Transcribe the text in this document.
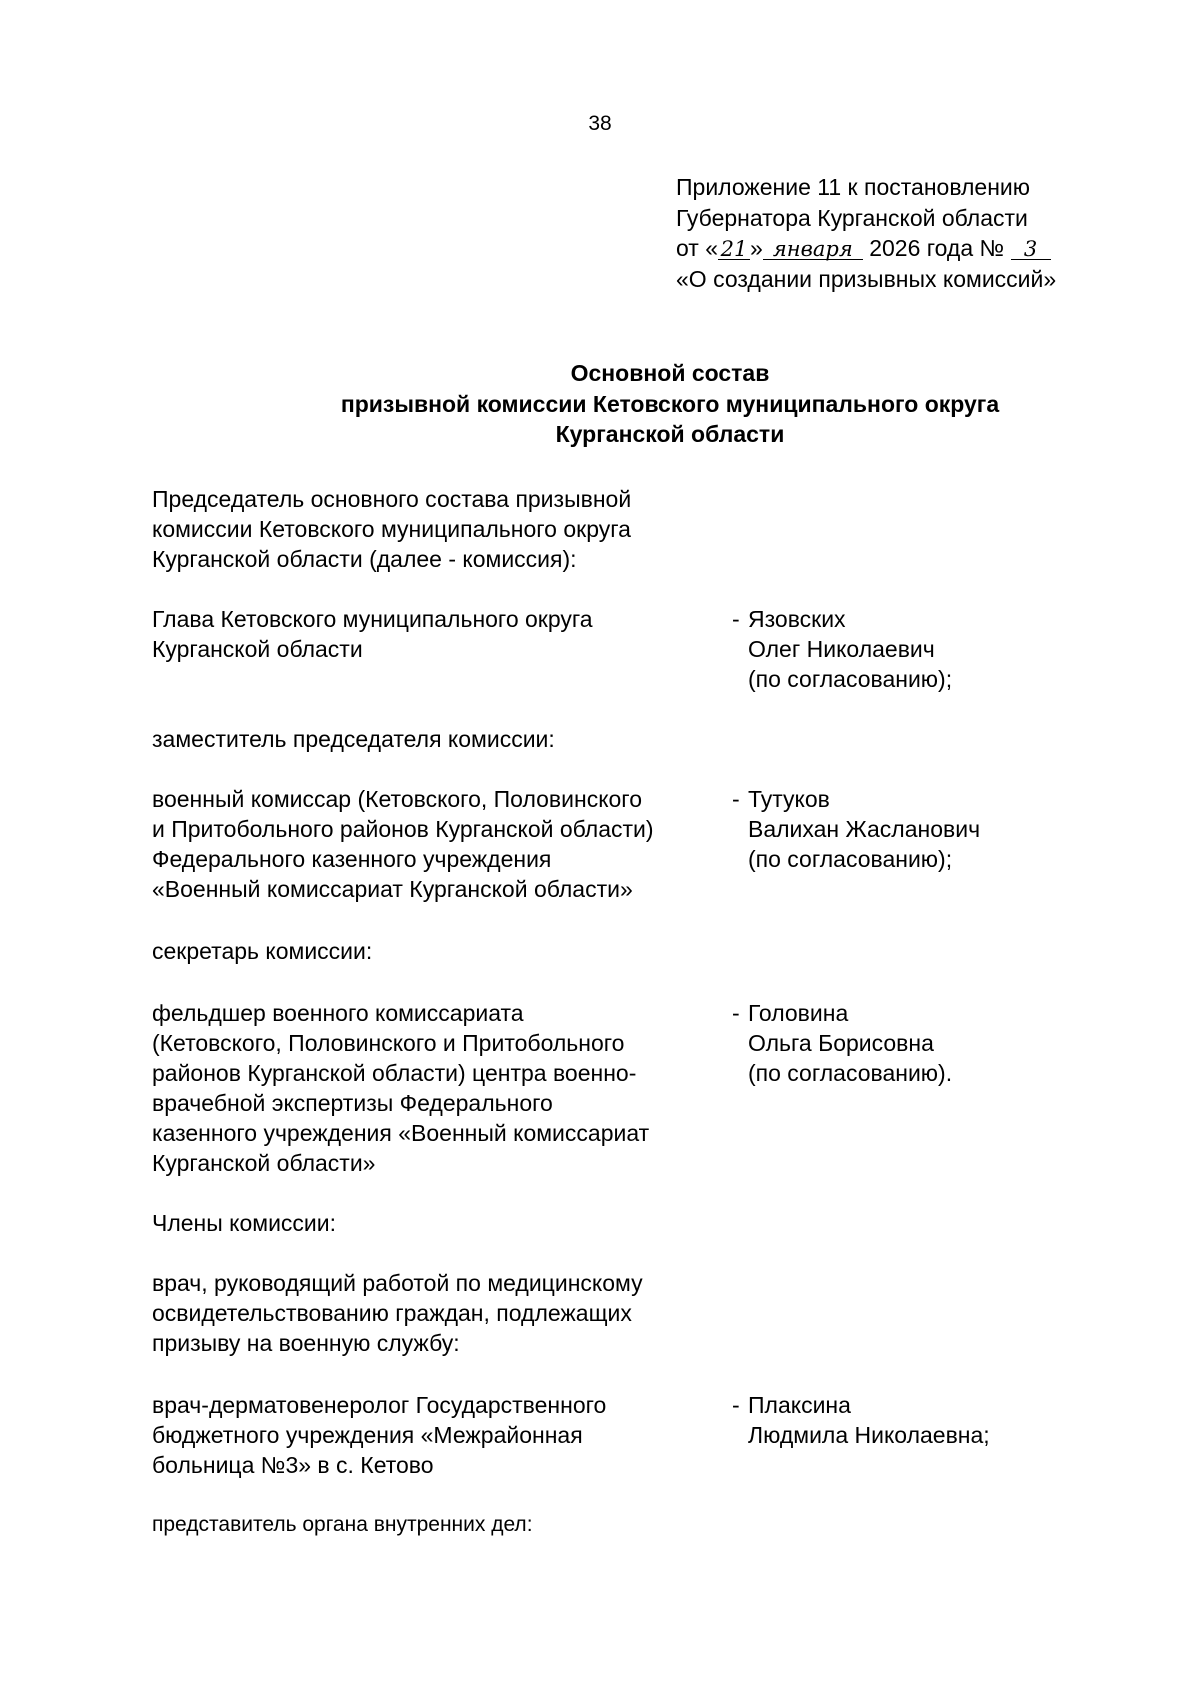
38
Приложение 11 к постановлению
Губернатора Курганской области
от « 21 » января 2026 года № 3
«О создании призывных комиссий»
Основной состав
призывной комиссии Кетовского муниципального округа
Курганской области
Председатель основного состава призывной
комиссии Кетовского муниципального округа
Курганской области (далее - комиссия):
Глава Кетовского муниципального округа
Курганской области
- Язовских
Олег Николаевич
(по согласованию);
заместитель председателя комиссии:
военный комиссар (Кетовского, Половинского
и Притобольного районов Курганской области)
Федерального казенного учреждения
«Военный комиссариат Курганской области»
- Тутуков
Валихан Жасланович
(по согласованию);
секретарь комиссии:
фельдшер военного комиссариата
(Кетовского, Половинского и Притобольного
районов Курганской области) центра военно-
врачебной экспертизы Федерального
казенного учреждения «Военный комиссариат
Курганской области»
- Головина
Ольга Борисовна
(по согласованию).
Члены комиссии:
врач, руководящий работой по медицинскому
освидетельствованию граждан, подлежащих
призыву на военную службу:
врач-дерматовенеролог Государственного
бюджетного учреждения «Межрайонная
больница №3» в с. Кетово
- Плаксина
Людмила Николаевна;
представитель органа внутренних дел:
